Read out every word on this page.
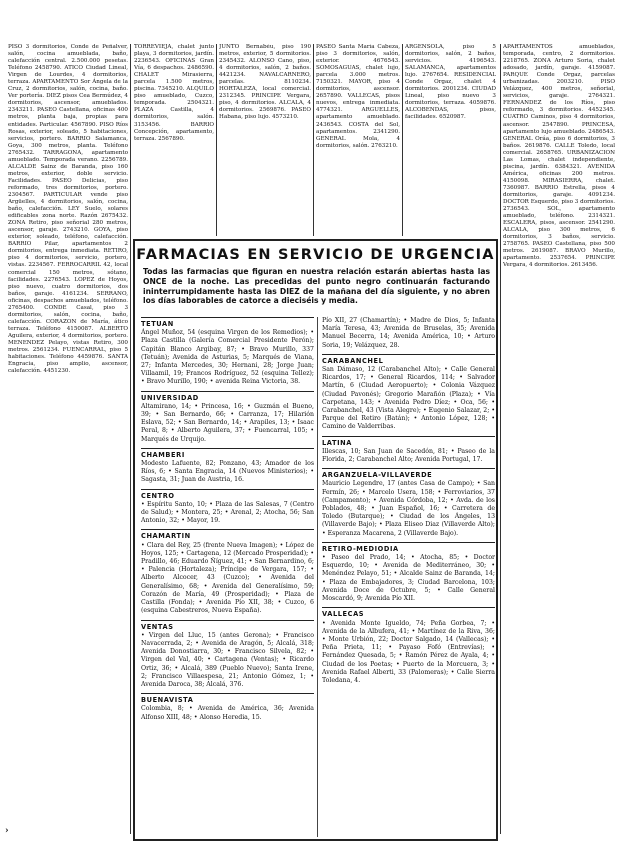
PISO 3 dormitorios, Conde de Peñalver, salón, cocina amueblada, baño, calefacción central. 2.500.000 pesetas. Teléfono 2458790. ATICO Ciudad Lineal, Virgen de Lourdes, 4 dormitorios, terraza. APARTAMENTO Sor Ángela de la Cruz, 2 dormitorios, salón, cocina, baño. Ver portería. DIEZ pisos Cea Bermúdez, 4 dormitorios, ascensor, amueblados. 2343211. PASEO Castellana, oficinas 400 metros, planta baja, propias para entidades. Particular. 4567890. PISO Ríos Rosas, exterior, soleado, 5 habitaciones, servicios, portero. BARRIO Salamanca, Goya, 300 metros, planta. Teléfono 2765432. TARRAGONA, apartamento amueblado. Temporada verano. 2256789. ALCALDE Sainz de Baranda, piso 160 metros, exterior, doble servicio. Facilidades. PASEO Delicias, piso reformado, tres dormitorios, portero. 2304567. PARTICULAR vende piso Argüelles, 4 dormitorios, salón, cocina, baño, calefacción. LEY Suelo, solares edificables zona norte. Razón 2675432. ZONA Retiro, piso señorial 280 metros, ascensor, garaje. 2743210. GOYA, piso exterior, soleado, teléfono, calefacción. BARRIO Pilar, apartamentos 2 dormitorios, entrega inmediata. RETIRO, piso 4 dormitorios, servicio, portero, vistas. 2234567. FERROCARRIL 42, local comercial 150 metros, sótano, facilidades. 2276543. LOPEZ de Hoyos, piso nuevo, cuatro dormitorios, dos baños, garaje. 4161234. SERRANO, oficinas, despachos amueblados, teléfono. 2765400. CONDE Casal, piso 3 dormitorios, salón, cocina, baño, calefacción. CORAZON de María, ático terraza. Teléfono 4150087. ALBERTO Aguilera, exterior, 4 dormitorios, portero. MENENDEZ Pelayo, vistas Retiro, 300 metros. 2561234. FUENCARRAL, piso 5 habitaciones. Teléfono 4459876. SANTA Engracia, piso amplio, ascensor, calefacción. 4451230.
TORREVIEJA, chalet junto playa, 3 dormitorios, jardín. 2236543. OFICINAS Gran Vía, 6 despachos. 2486590. CHALET Mirasierra, parcela 1.500 metros, piscina. 7345210. ALQUILO piso amueblado, Cuzco, temporada. 2504321. PLAZA Castilla, 4 dormitorios, salón. 3153456. BARRIO Concepción, apartamento, terraza. 2567890.
JUNTO Bernabéu, piso 190 metros, exterior, 5 dormitorios. 2345432. ALONSO Cano, piso, 4 dormitorios, salón, 2 baños. 4421234. NAVALCARNERO, parcelas. 8110234. HORTALEZA, local comercial. 2312345. PRINCIPE Vergara, piso, 4 dormitorios. ALCALA, 4 dormitorios. 2569876. PASEO Habana, piso lujo. 4573210.
PASEO Santa María Cabeza, piso 3 dormitorios, salón, exterior. 4676543. SOMOSAGUAS, chalet lujo, parcela 3.000 metros. 7150321. MAYOR, piso 4 dormitorios, ascensor. 2657890. VALLECAS, pisos nuevos, entrega inmediata. 4774321. ARGUELLES, apartamento amueblado. 2436543. COSTA del Sol, apartamentos. 2341290. GENERAL Mola, 4 dormitorios, salón. 2763210.
ARGENSOLA, piso 5 dormitorios, salón, 2 baños, servicios. 4196543. SALAMANCA, apartamentos lujo. 2767654. RESIDENCIAL Conde Orgaz, chalet 4 dormitorios. 2001234. CIUDAD Lineal, piso nuevo 3 dormitorios, terraza. 4059876. ALCOBENDAS, pisos, facilidades. 6520987.
APARTAMENTOS amueblados, temporada, centro, 2 dormitorios. 2218765. ZONA Arturo Soria, chalet adosado, jardín, garaje. 4159087. PARQUE Conde Orgaz, parcelas urbanizadas. 2003210. PISO Velázquez, 400 metros, señorial, servicios, garaje. 2764321. FERNANDEZ de los Ríos, piso reformado, 3 dormitorios. 4452345. CUATRO Caminos, piso 4 dormitorios, ascensor. 2547890. PRINCESA, apartamento lujo amueblado. 2486543. GENERAL Oráa, piso 6 dormitorios, 3 baños. 2619876. CALLE Toledo, local comercial. 2658765. URBANIZACION Las Lomas, chalet independiente, piscina, jardín. 6384321. AVENIDA América, oficinas 200 metros. 4150098. MIRASIERRA, chalet. 7360987. BARRIO Estrella, pisos 4 dormitorios, garaje. 4091234. DOCTOR Esquerdo, piso 3 dormitorios. 2736543. SOL, apartamento amueblado, teléfono. 2314321. ESCALERA, pisos, ascensor. 2541290. ALCALA, piso 300 metros, 6 dormitorios, 3 baños, servicio. 2758765. PASEO Castellana, piso 500 metros. 2619087. BRAVO Murillo, apartamento. 2537654. PRINCIPE Vergara, 4 dormitorios. 2613456.
FARMACIAS EN SERVICIO DE URGENCIA
Todas las farmacias que figuran en nuestra relación estarán abiertas hasta las ONCE de la noche. Las precedidas del punto negro continuarán facturando ininterrumpidamente hasta las DIEZ de la mañana del día siguiente, y no abren los días laborables de catorce a dieciséis y media.
TETUAN
Ángel Muñoz, 54 (esquina Virgen de los Remedios); • Plaza Castilla (Galería Comercial Presidente Perón); Capitán Blanco Argibay, 87; • Bravo Murillo, 337 (Tetuán); Avenida de Asturias, 5; Marqués de Viana, 27; Infanta Mercedes, 30; Hernani, 28; Jorge Juan; Villaamil, 19; Francos Rodríguez, 52 (esquina Tellez); • Bravo Murillo, 190; • avenida Reina Victoria, 38.
UNIVERSIDAD
Altamirano, 14; • Princesa, 16; • Guzmán el Bueno, 39; • San Bernardo, 66; • Carranza, 17; Hilarión Eslava, 52; • San Bernardo, 14; • Arapiles, 13; • Isaac Peral, 8; • Alberto Aguilera, 37; • Fuencarral, 105; • Marqués de Urquijo.
CHAMBERI
Modesto Lafuente, 82; Ponzano, 43; Amador de los Ríos, 6; • Santa Engracia, 14 (Nuevos Ministerios); • Sagasta, 31; Juan de Austria, 16.
CENTRO
• Espíritu Santo, 10; • Plaza de las Salesas, 7 (Centro de Salud); • Montera, 25; • Arenal, 2; Atocha, 56; San Antonio, 32; • Mayor, 19.
CHAMARTIN
• Clara del Rey, 25 (frente Nueva Imagen); • López de Hoyos, 125; • Cartagena, 12 (Mercado Prosperidad); • Pradillo, 46; Eduardo Ñíguez, 41; • San Bernardino, 6; • Palencia (Hortaleza); Príncipe de Vergara, 157; • Alberto Alcocer, 43 (Cuzco); • Avenida del Generalísimo, 68; • Avenida del Generalísimo, 59; Corazón de María, 49 (Prosperidad); • Plaza de Castilla (Fonda); • Avenida Pío XII, 38; • Cuzco, 6 (esquina Cabestreros, Nueva España).
VENTAS
• Virgen del Lluc, 15 (antes Gerona); • Francisco Navacerrada, 2; • Avenida de Aragón, 5; Alcalá, 318; Avenida Donostiarra, 30; • Francisco Silvela, 82; • Virgen del Val, 40; • Cartagena (Ventas); • Ricardo Ortiz, 36; • Alcalá, 389 (Pueblo Nuevo); Santa Irene, 2; Francisco Villaespesa, 21; Antonio Gómez, 1; • Avenida Daroca, 38; Alcalá, 376.
BUENAVISTA
Colombia, 8; • Avenida de América, 36; Avenida Alfonso XIII, 48; • Alonso Heredia, 15.
Pío XII, 27 (Chamartín); • Madre de Dios, 5; Infanta María Teresa, 43; Avenida de Bruselas, 35; Avenida Manuel Becerra, 14; Avenida América, 10; • Arturo Soria, 19; Velázquez, 28.
CARABANCHEL
San Dámaso, 12 (Carabanchel Alto); • Calle General Ricardos, 17; • General Ricardos, 114; • Salvador Martín, 6 (Ciudad Aeropuerto); • Colonia Vázquez (Ciudad Pavonés); Gregorio Marañón (Plaza); • Vía Carpetana, 143; • Avenida Pedro Díez; • Oca, 56; • Carabanchel, 43 (Vista Alegre); • Eugenio Salazar, 2; • Parque del Retiro (Batán); • Antonio López, 128; • Camino de Valderribas.
LATINA
Illescas, 10; San Juan de Sacedón, 81; • Paseo de la Florida, 2; Carabanchel Alto; Avenida Portugal, 17.
ARGANZUELA-VILLAVERDE
Mauricio Legendre, 17 (antes Casa de Campo); • San Fermín, 26; • Marcelo Usera, 158; • Ferroviarios, 37 (Campamento); • Avenida Córdoba, 12; • Avda. de los Poblados, 48; • Juan Español, 16; • Carretera de Toledo (Butarque); • Ciudad de los Ángeles, 13 (Villaverde Bajo); • Plaza Eliseo Diaz (Villaverde Alto); • Esperanza Macarena, 2 (Villaverde Bajo).
RETIRO-MEDIODIA
• Paseo del Prado, 14; • Atocha, 85; • Doctor Esquerdo, 10; • Avenida de Mediterráneo, 30; • Menéndez Pelayo, 51; • Alcalde Sainz de Baranda, 14; • Plaza de Embajadores, 3; Ciudad Barcelona, 103; Avenida Doce de Octubre, 5; • Calle General Moscardó, 9; Avenida Pío XII.
VALLECAS
• Avenida Monte Igueldo, 74; Peña Gorbea, 7; • Avenida de la Albufera, 41; • Martínez de la Riva, 36; • Monte Urbión, 22; Doctor Salgado, 14 (Vallecas); • Peña Prieta, 11; • Payaso Fofó (Entrevías); • Fernández Quesada, 5; • Ramón Pérez de Ayala, 4; • Ciudad de los Poetas; • Puerto de la Morcuera, 3; • Avenida Rafael Alberti, 33 (Palomeras); • Calle Sierra Toledana, 4.
›
